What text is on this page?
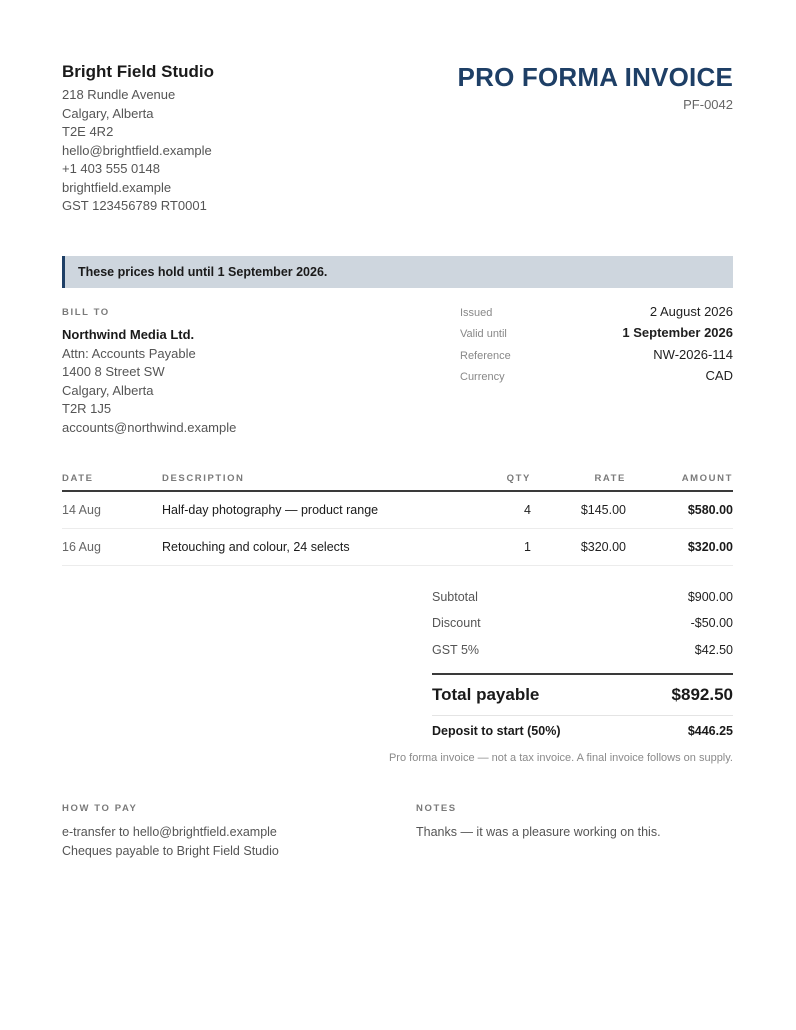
Bright Field Studio
218 Rundle Avenue
Calgary, Alberta
T2E 4R2
hello@brightfield.example
+1 403 555 0148
brightfield.example
GST 123456789 RT0001
PRO FORMA INVOICE
PF-0042
These prices hold until 1 September 2026.
BILL TO
Northwind Media Ltd.
Attn: Accounts Payable
1400 8 Street SW
Calgary, Alberta
T2R 1J5
accounts@northwind.example
Issued	2 August 2026
Valid until	1 September 2026
Reference	NW-2026-114
Currency	CAD
DATE	DESCRIPTION	QTY	RATE	AMOUNT
14 Aug	Half-day photography — product range	4	$145.00	$580.00
16 Aug	Retouching and colour, 24 selects	1	$320.00	$320.00
Subtotal	$900.00
Discount	-$50.00
GST 5%	$42.50
Total payable	$892.50
Deposit to start (50%)	$446.25
Pro forma invoice — not a tax invoice. A final invoice follows on supply.
HOW TO PAY
e-transfer to hello@brightfield.example
Cheques payable to Bright Field Studio
NOTES
Thanks — it was a pleasure working on this.
